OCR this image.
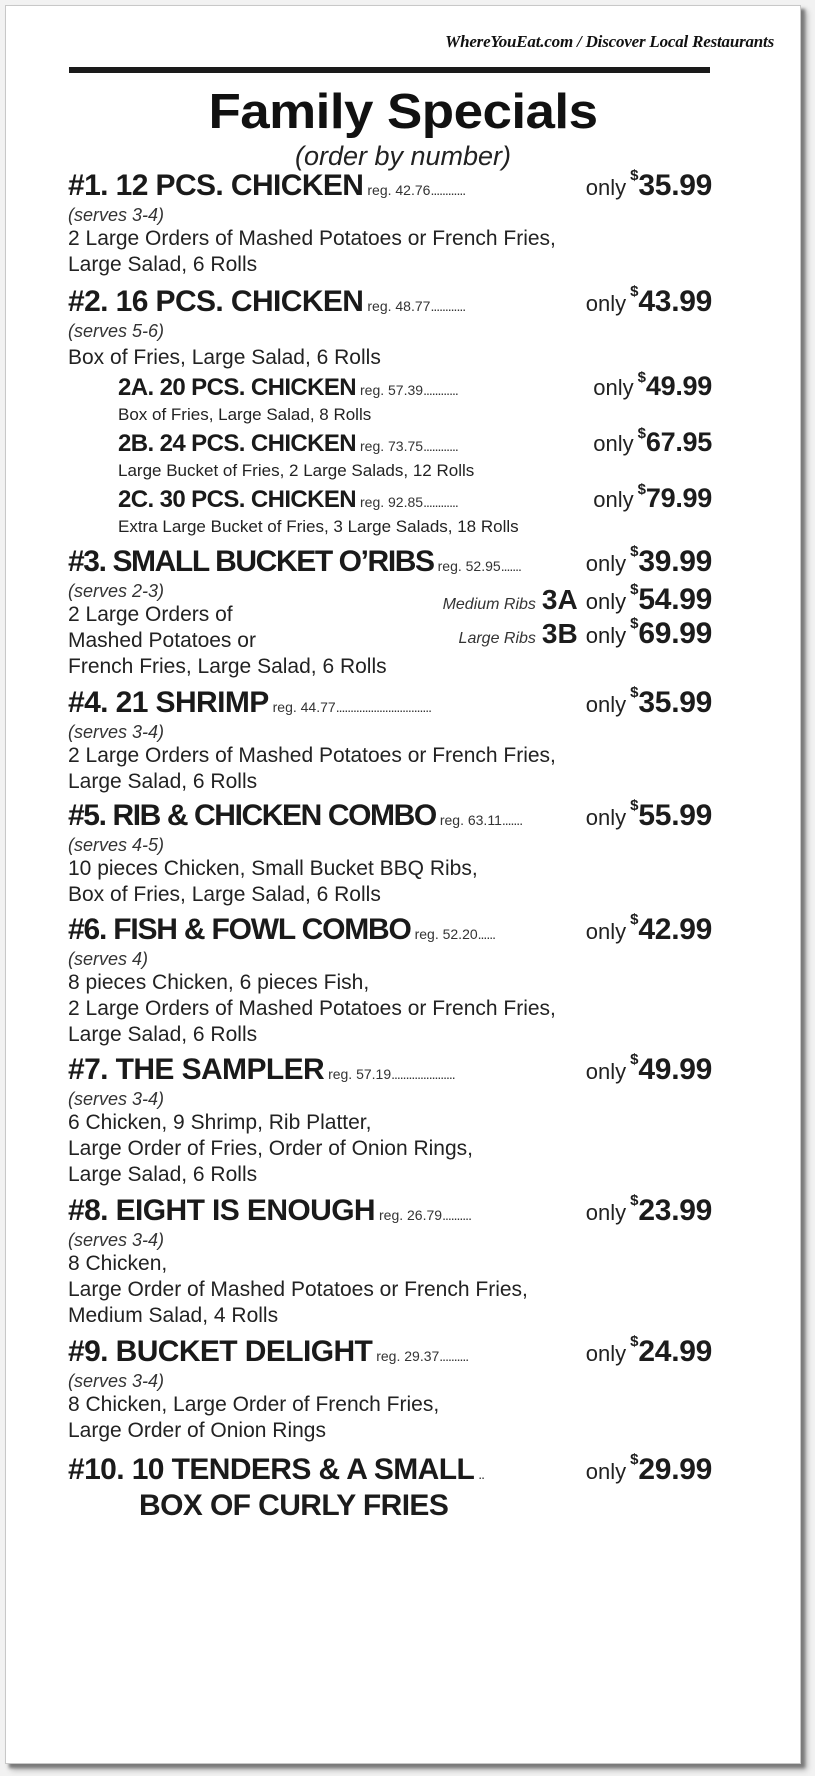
WhereYouEat.com / Discover Local Restaurants
Family Specials
(order by number)
#1. 12 PCS. CHICKEN reg. 42.76............	only $35.99
(serves 3-4)
2 Large Orders of Mashed Potatoes or French Fries,
Large Salad, 6 Rolls
#2. 16 PCS. CHICKEN reg. 48.77............	only $43.99
(serves 5-6)
Box of Fries, Large Salad, 6 Rolls
2A. 20 PCS. CHICKEN reg. 57.39............	only $49.99
Box of Fries, Large Salad, 8 Rolls
2B. 24 PCS. CHICKEN reg. 73.75............	only $67.95
Large Bucket of Fries, 2 Large Salads, 12 Rolls
2C. 30 PCS. CHICKEN reg. 92.85............	only $79.99
Extra Large Bucket of Fries, 3 Large Salads, 18 Rolls
#3. SMALL BUCKET O’RIBS reg. 52.95.......	only $39.99
(serves 2-3)
2 Large Orders of
Mashed Potatoes or
French Fries, Large Salad, 6 Rolls
Medium Ribs 3A only $54.99
Large Ribs 3B only $69.99
#4. 21 SHRIMP reg. 44.77.................................	only $35.99
(serves 3-4)
2 Large Orders of Mashed Potatoes or French Fries,
Large Salad, 6 Rolls
#5. RIB & CHICKEN COMBO reg. 63.11.......	only $55.99
(serves 4-5)
10 pieces Chicken, Small Bucket BBQ Ribs,
Box of Fries, Large Salad, 6 Rolls
#6. FISH & FOWL COMBO reg. 52.20......	only $42.99
(serves 4)
8 pieces Chicken, 6 pieces Fish,
2 Large Orders of Mashed Potatoes or French Fries,
Large Salad, 6 Rolls
#7. THE SAMPLER reg. 57.19......................	only $49.99
(serves 3-4)
6 Chicken, 9 Shrimp, Rib Platter,
Large Order of Fries, Order of Onion Rings,
Large Salad, 6 Rolls
#8. EIGHT IS ENOUGH reg. 26.79..........	only $23.99
(serves 3-4)
8 Chicken,
Large Order of Mashed Potatoes or French Fries,
Medium Salad, 4 Rolls
#9. BUCKET DELIGHT reg. 29.37..........	only $24.99
(serves 3-4)
8 Chicken, Large Order of French Fries,
Large Order of Onion Rings
#10. 10 TENDERS & A SMALL ..	only $29.99
BOX OF CURLY FRIES
